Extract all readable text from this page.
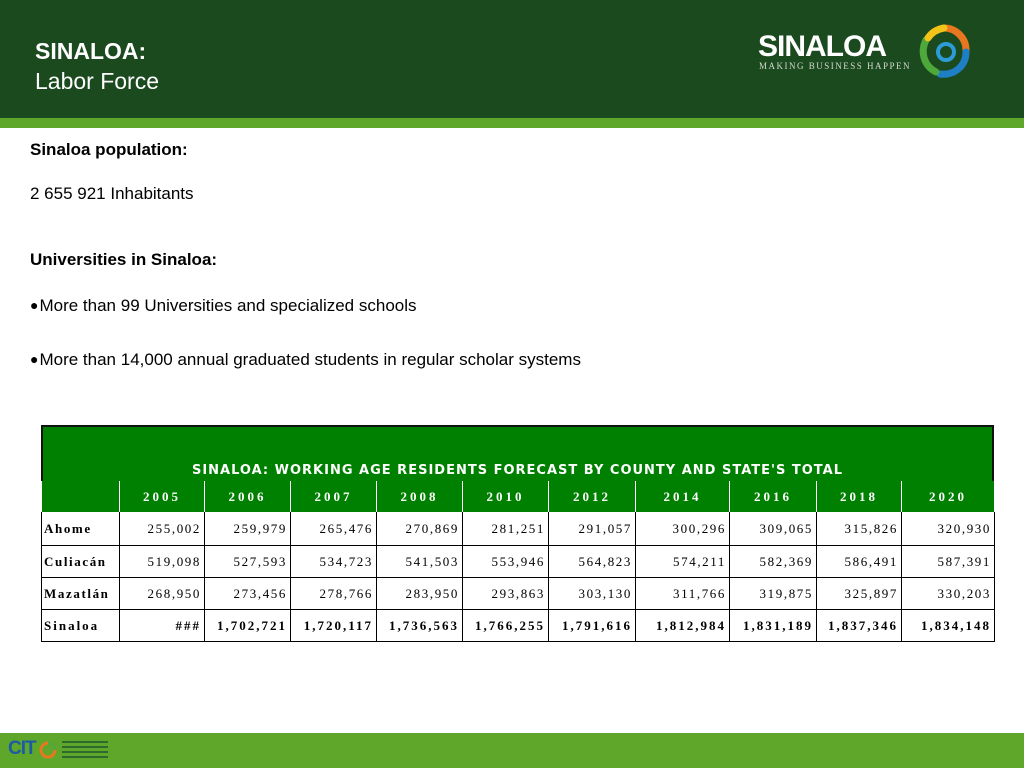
SINALOA:
Labor Force
SINALOA
MAKING BUSINESS HAPPEN
Sinaloa population:
2 655 921 Inhabitants
Universities in Sinaloa:
● More than 99 Universities and specialized schools
● More than 14,000 annual graduated students in regular scholar systems
SINALOA: WORKING AGE RESIDENTS FORECAST BY COUNTY AND STATE'S TOTAL
	2005	2006	2007	2008	2010	2012	2014	2016	2018	2020
Ahome	255,002	259,979	265,476	270,869	281,251	291,057	300,296	309,065	315,826	320,930
Culiacán	519,098	527,593	534,723	541,503	553,946	564,823	574,211	582,369	586,491	587,391
Mazatlán	268,950	273,456	278,766	283,950	293,863	303,130	311,766	319,875	325,897	330,203
Sinaloa	###	1,702,721	1,720,117	1,736,563	1,766,255	1,791,616	1,812,984	1,831,189	1,837,346	1,834,148
CIT
